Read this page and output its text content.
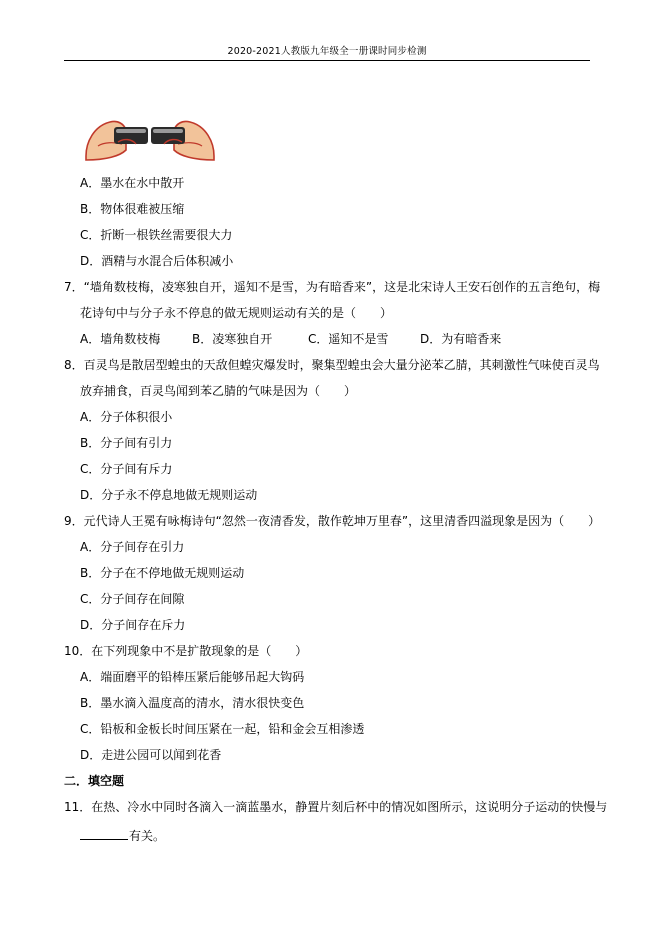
2020-2021人教版九年级全一册课时同步检测
A．墨水在水中散开
B．物体很难被压缩
C．折断一根铁丝需要很大力
D．酒精与水混合后体积减小
7．“墙角数枝梅，凌寒独自开，遥知不是雪，为有暗香来”，这是北宋诗人王安石创作的五言绝句，梅
花诗句中与分子永不停息的做无规则运动有关的是（　　）
A．墙角数枝梅	B．凌寒独自开	C．遥知不是雪	D．为有暗香来
8．百灵鸟是散居型蝗虫的天敌但蝗灾爆发时，聚集型蝗虫会大量分泌苯乙腈，其刺激性气味使百灵鸟
放弃捕食，百灵鸟闻到苯乙腈的气味是因为（　　）
A．分子体积很小
B．分子间有引力
C．分子间有斥力
D．分子永不停息地做无规则运动
9．元代诗人王冕有咏梅诗句“忽然一夜清香发，散作乾坤万里春”，这里清香四溢现象是因为（　　）
A．分子间存在引力
B．分子在不停地做无规则运动
C．分子间存在间隙
D．分子间存在斥力
10．在下列现象中不是扩散现象的是（　　）
A．端面磨平的铅棒压紧后能够吊起大钩码
B．墨水滴入温度高的清水，清水很快变色
C．铅板和金板长时间压紧在一起，铅和金会互相渗透
D．走进公园可以闻到花香
二．填空题
11．在热、冷水中同时各滴入一滴蓝墨水，静置片刻后杯中的情况如图所示，这说明分子运动的快慢与
有关。
